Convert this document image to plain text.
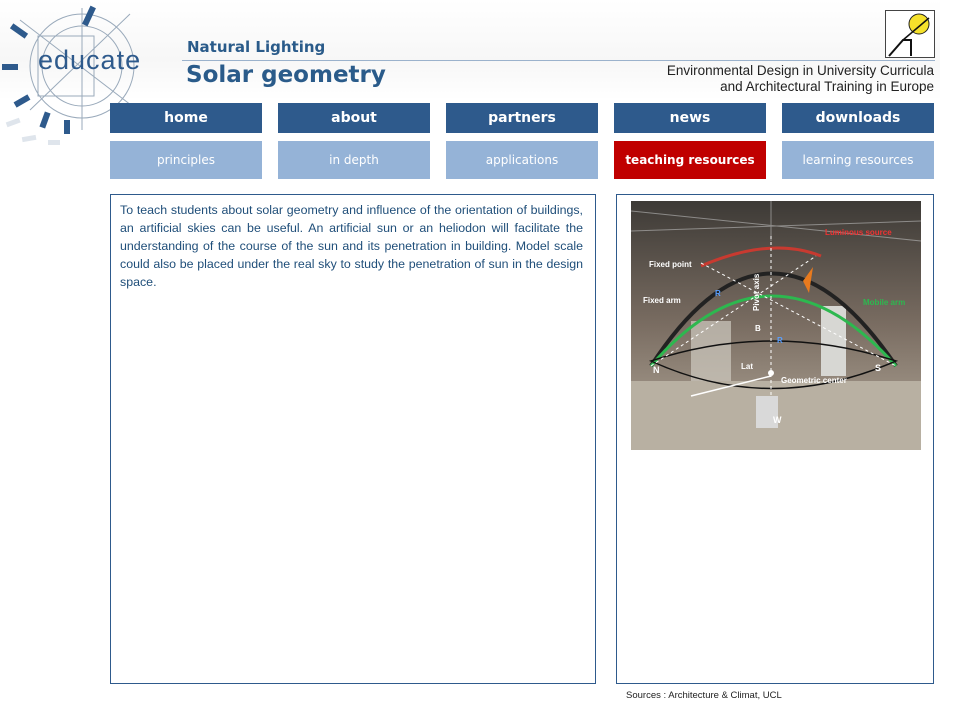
educate	Natural Lighting
Solar geometry	Environmental Design in University Curricula
and Architectural Training in Europe
home	about	partners	news	downloads
principles	in depth	applications	teaching resources	learning resources

To teach students about solar geometry and influence of the orientation of buildings, an artificial skies can be useful. An artificial sun or an heliodon will facilitate the understanding of the course of the sun and its penetration in building. Model scale could also be placed under the real sky to study the penetration of sun in the design space.

Fixed point
Fixed arm
Luminous source
Mobile arm
Geometric center
Pivot axis
N	S
W
Lat
R
R
B
Sources : Architecture & Climat, UCL
